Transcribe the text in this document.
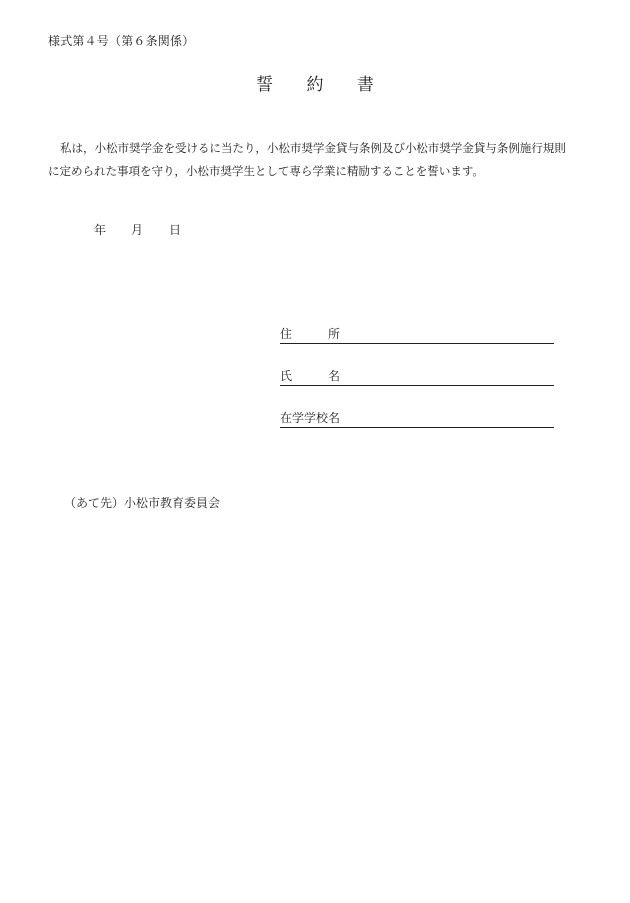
様式第４号（第６条関係）
誓 約 書

私は，小松市奨学金を受けるに当たり，小松市奨学金貸与条例及び小松市奨学金貸与条例施行規則

に定められた事項を守り，小松市奨学生として専ら学業に精励することを誓います。
年 月 日
住	所
氏	名
在学学校名
（あて先）小松市教育委員会
